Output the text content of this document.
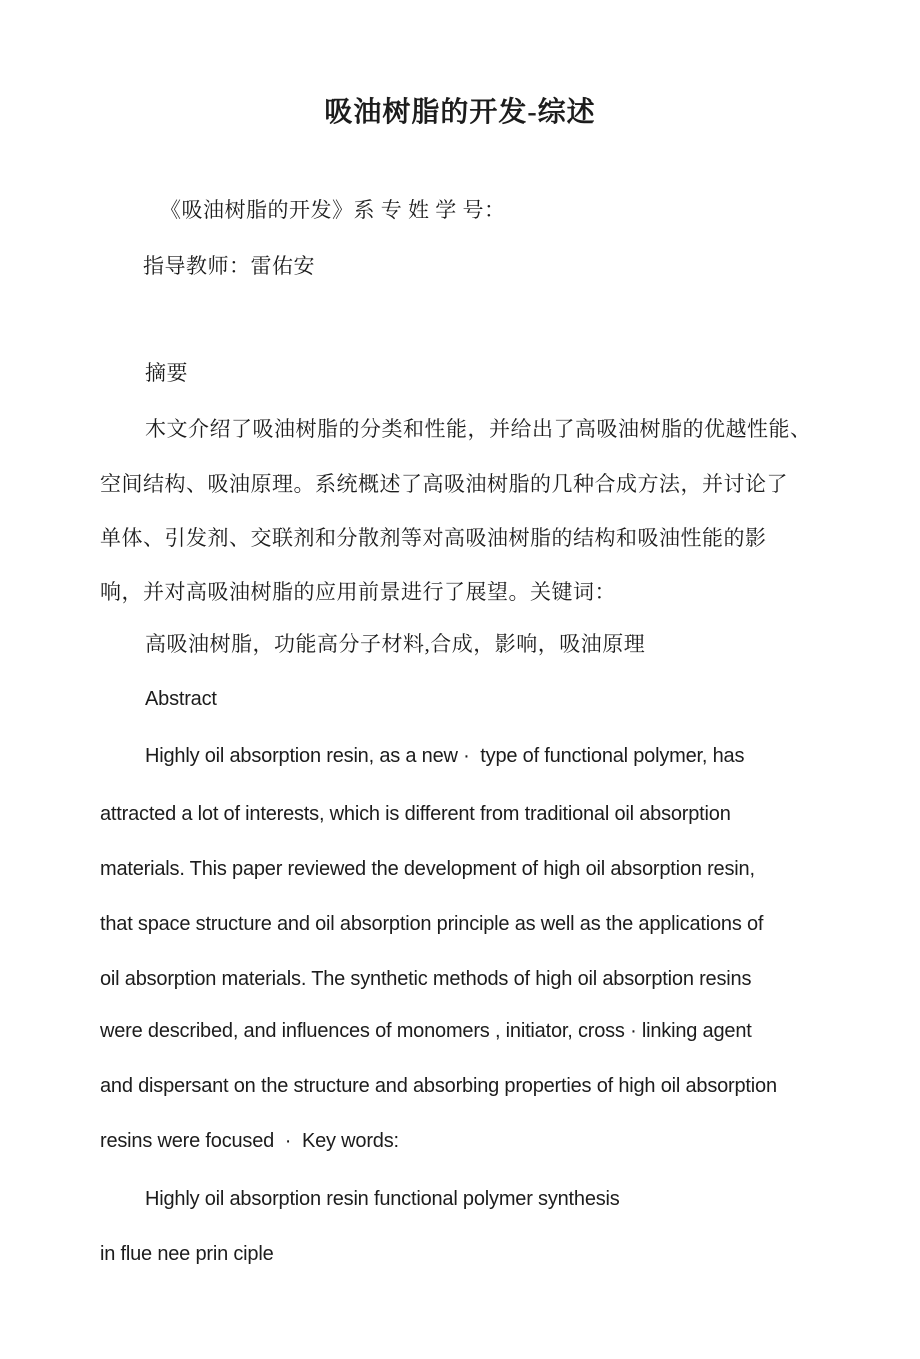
吸油树脂的开发-综述
《吸油树脂的开发》系 专 姓 学 号：
指导教师：雷佑安
摘要
木文介绍了吸油树脂的分类和性能，并给出了高吸油树脂的优越性能、
空间结构、吸油原理。系统概述了高吸油树脂的几种合成方法，并讨论了
单体、引发剂、交联剂和分散剂等对高吸油树脂的结构和吸油性能的影
响，并对高吸油树脂的应用前景进行了展望。关键词：
高吸油树脂，功能高分子材料,合成，影响，吸油原理
Abstract
Highly oil absorption resin, as a new ·  type of functional polymer, has
attracted a lot of interests, which is different from traditional oil absorption
materials. This paper reviewed the development of high oil absorption resin,
that space structure and oil absorption principle as well as the applications of
oil absorption materials. The synthetic methods of high oil absorption resins
were described, and influences of monomers , initiator, cross · linking agent
and dispersant on the structure and absorbing properties of high oil absorption
resins were focused  ·  Key words:
Highly oil absorption resin functional polymer synthesis
in flue nee prin ciple
